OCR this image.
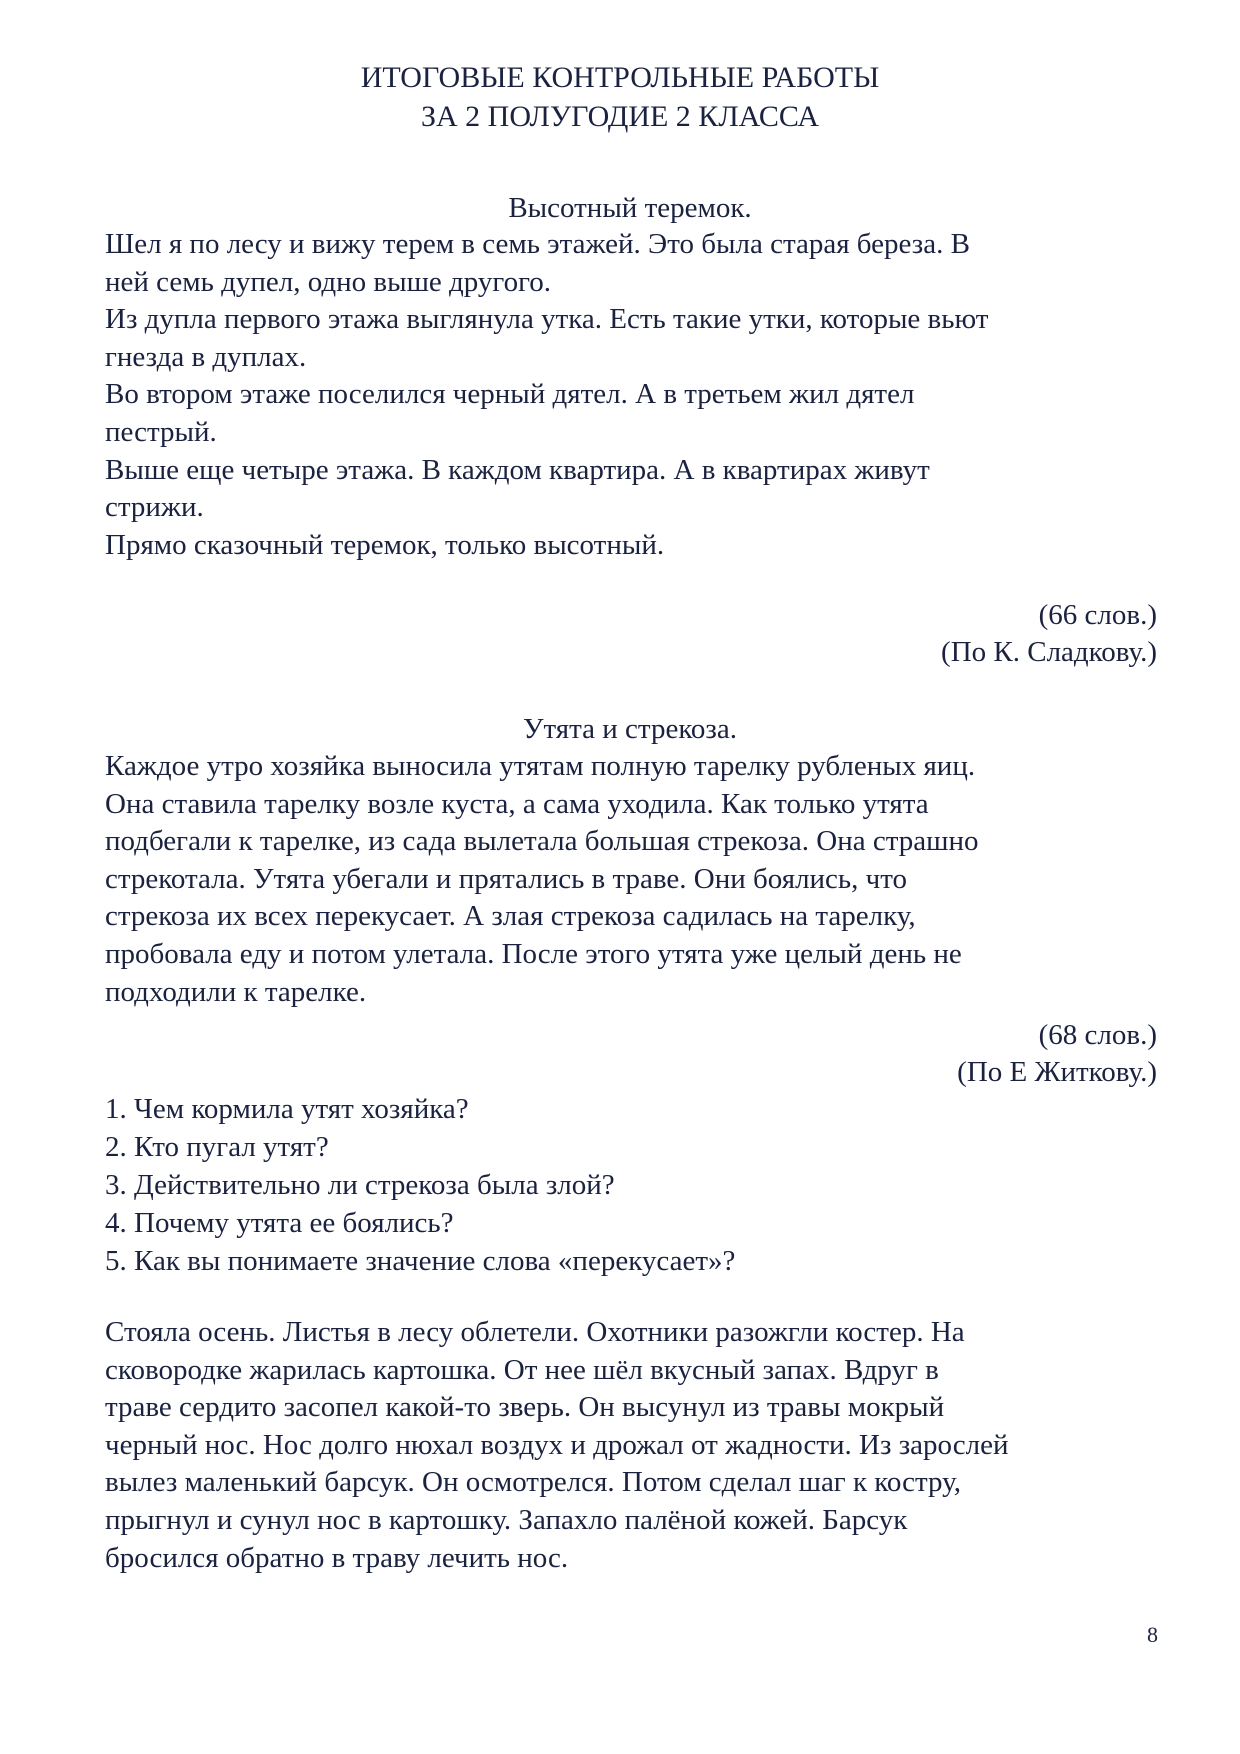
ИТОГОВЫЕ КОНТРОЛЬНЫЕ РАБОТЫ
ЗА 2 ПОЛУГОДИЕ 2 КЛАССА
Высотный теремок.
Шел я по лесу и вижу терем в семь этажей. Это была старая береза. В
ней семь дупел, одно выше другого.
Из дупла первого этажа выглянула утка. Есть такие утки, которые вьют
гнезда в дуплах.
Во втором этаже поселился черный дятел. А в третьем жил дятел
пестрый.
Выше еще четыре этажа. В каждом квартира. А в квартирах живут
стрижи.
Прямо сказочный теремок, только высотный.
(66 слов.)
(По К. Сладкову.)
Утята и стрекоза.
Каждое утро хозяйка выносила утятам полную тарелку рубленых яиц.
Она ставила тарелку возле куста, а сама уходила. Как только утята
подбегали к тарелке, из сада вылетала большая стрекоза. Она страшно
стрекотала. Утята убегали и прятались в траве. Они боялись, что
стрекоза их всех перекусает. А злая стрекоза садилась на тарелку,
пробовала еду и потом улетала. После этого утята уже целый день не
подходили к тарелке.
(68 слов.)
(По Е Житкову.)
1. Чем кормила утят хозяйка?
2. Кто пугал утят?
3. Действительно ли стрекоза была злой?
4. Почему утята ее боялись?
5. Как вы понимаете значение слова «перекусает»?
Стояла осень. Листья в лесу облетели. Охотники разожгли костер. На
сковородке жарилась картошка. От нее шёл вкусный запах. Вдруг в
траве сердито засопел какой-то зверь. Он высунул из травы мокрый
черный нос. Нос долго нюхал воздух и дрожал от жадности. Из зарослей
вылез маленький барсук. Он осмотрелся. Потом сделал шаг к костру,
прыгнул и сунул нос в картошку. Запахло палёной кожей. Барсук
бросился обратно в траву лечить нос.
8
